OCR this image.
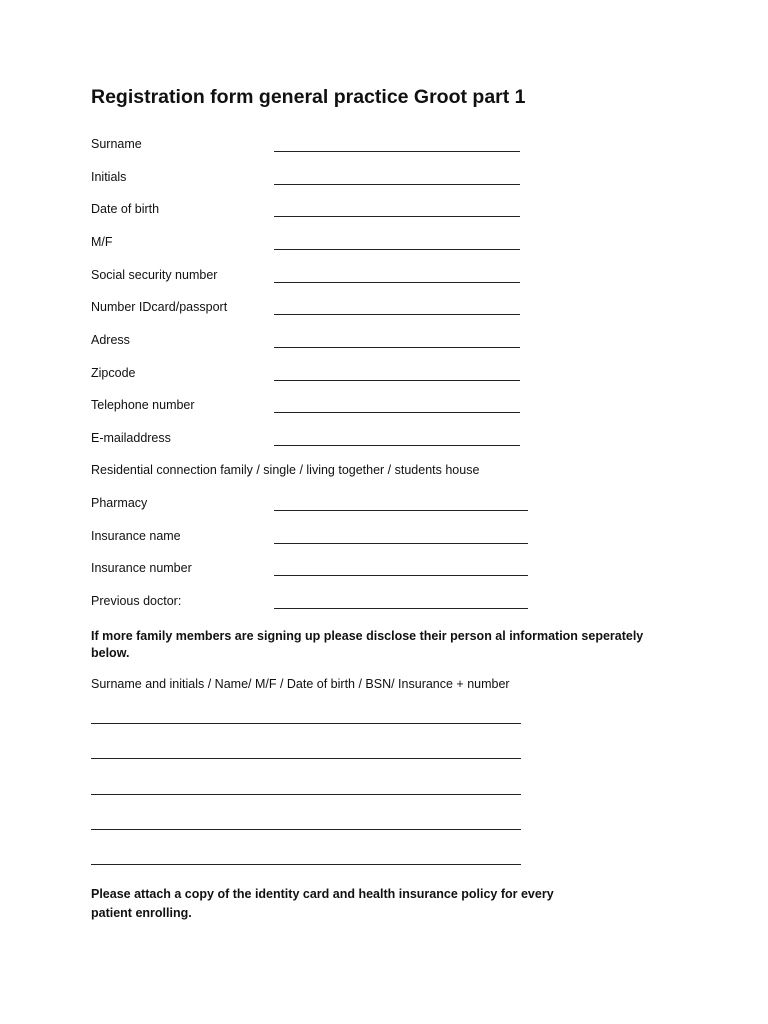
Registration form general practice Groot part 1
Surname
Initials
Date of birth
M/F
Social security number
Number IDcard/passport
Adress
Zipcode
Telephone number
E-mailaddress
Residential connection family / single / living together / students house
Pharmacy
Insurance name
Insurance number
Previous doctor:
If more family members are signing up please disclose their person al information seperately
below.
Surname and initials / Name/ M/F / Date of birth / BSN/ Insurance + number
Please attach a copy of the identity card and health insurance policy for every
patient enrolling.
